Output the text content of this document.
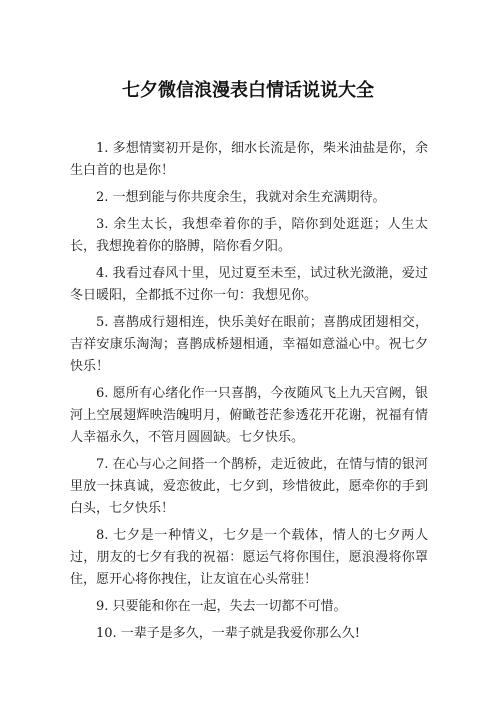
七夕微信浪漫表白情话说说大全

1. 多想情窦初开是你，细水长流是你，柴米油盐是你，余生白首的也是你！

2. 一想到能与你共度余生，我就对余生充满期待。

3. 余生太长，我想牵着你的手，陪你到处逛逛；人生太长，我想挽着你的胳膊，陪你看夕阳。

4. 我看过春风十里，见过夏至未至，试过秋光潋滟，爱过冬日暖阳，全都抵不过你一句：我想见你。

5. 喜鹊成行翅相连，快乐美好在眼前；喜鹊成团翅相交，吉祥安康乐淘淘；喜鹊成桥翅相通，幸福如意溢心中。祝七夕快乐！

6. 愿所有心绪化作一只喜鹊，今夜随风飞上九天宫阙，银河上空展翅辉映浩魄明月，俯瞰苍茫参透花开花谢，祝福有情人幸福永久，不管月圆圆缺。七夕快乐。

7. 在心与心之间搭一个鹊桥，走近彼此，在情与情的银河里放一抹真诚，爱恋彼此，七夕到，珍惜彼此，愿牵你的手到白头，七夕快乐！

8. 七夕是一种情义，七夕是一个载体，情人的七夕两人过，朋友的七夕有我的祝福：愿运气将你围住，愿浪漫将你罩住，愿开心将你拽住，让友谊在心头常驻！

9. 只要能和你在一起，失去一切都不可惜。

10. 一辈子是多久，一辈子就是我爱你那么久!
